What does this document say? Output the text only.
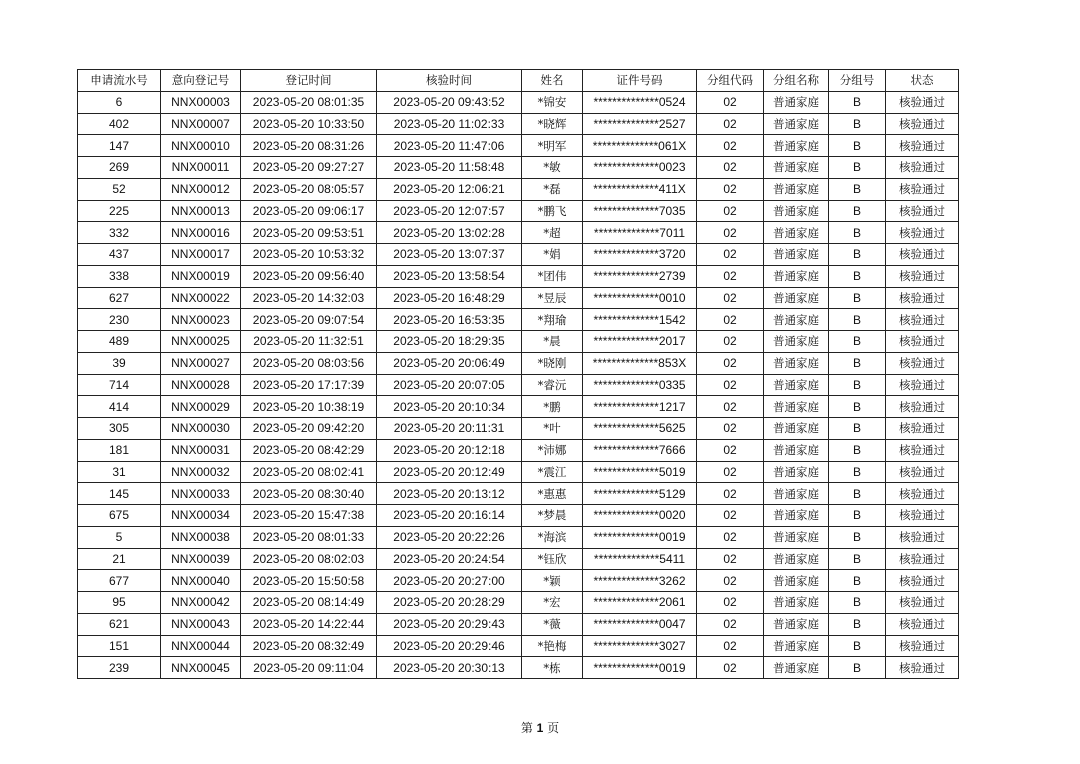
申请流水号	意向登记号	登记时间	核验时间	姓名	证件号码	分组代码	分组名称	分组号	状态
6	NNX00003	2023-05-20 08:01:35	2023-05-20 09:43:52	*锦安	**************0524	02	普通家庭	B	核验通过
402	NNX00007	2023-05-20 10:33:50	2023-05-20 11:02:33	*晓辉	**************2527	02	普通家庭	B	核验通过
147	NNX00010	2023-05-20 08:31:26	2023-05-20 11:47:06	*明军	**************061X	02	普通家庭	B	核验通过
269	NNX00011	2023-05-20 09:27:27	2023-05-20 11:58:48	*敏	**************0023	02	普通家庭	B	核验通过
52	NNX00012	2023-05-20 08:05:57	2023-05-20 12:06:21	*磊	**************411X	02	普通家庭	B	核验通过
225	NNX00013	2023-05-20 09:06:17	2023-05-20 12:07:57	*鹏飞	**************7035	02	普通家庭	B	核验通过
332	NNX00016	2023-05-20 09:53:51	2023-05-20 13:02:28	*超	**************7011	02	普通家庭	B	核验通过
437	NNX00017	2023-05-20 10:53:32	2023-05-20 13:07:37	*娟	**************3720	02	普通家庭	B	核验通过
338	NNX00019	2023-05-20 09:56:40	2023-05-20 13:58:54	*团伟	**************2739	02	普通家庭	B	核验通过
627	NNX00022	2023-05-20 14:32:03	2023-05-20 16:48:29	*昱辰	**************0010	02	普通家庭	B	核验通过
230	NNX00023	2023-05-20 09:07:54	2023-05-20 16:53:35	*翔瑜	**************1542	02	普通家庭	B	核验通过
489	NNX00025	2023-05-20 11:32:51	2023-05-20 18:29:35	*晨	**************2017	02	普通家庭	B	核验通过
39	NNX00027	2023-05-20 08:03:56	2023-05-20 20:06:49	*晓刚	**************853X	02	普通家庭	B	核验通过
714	NNX00028	2023-05-20 17:17:39	2023-05-20 20:07:05	*睿沅	**************0335	02	普通家庭	B	核验通过
414	NNX00029	2023-05-20 10:38:19	2023-05-20 20:10:34	*鹏	**************1217	02	普通家庭	B	核验通过
305	NNX00030	2023-05-20 09:42:20	2023-05-20 20:11:31	*叶	**************5625	02	普通家庭	B	核验通过
181	NNX00031	2023-05-20 08:42:29	2023-05-20 20:12:18	*沛娜	**************7666	02	普通家庭	B	核验通过
31	NNX00032	2023-05-20 08:02:41	2023-05-20 20:12:49	*震江	**************5019	02	普通家庭	B	核验通过
145	NNX00033	2023-05-20 08:30:40	2023-05-20 20:13:12	*惠惠	**************5129	02	普通家庭	B	核验通过
675	NNX00034	2023-05-20 15:47:38	2023-05-20 20:16:14	*梦晨	**************0020	02	普通家庭	B	核验通过
5	NNX00038	2023-05-20 08:01:33	2023-05-20 20:22:26	*海滨	**************0019	02	普通家庭	B	核验通过
21	NNX00039	2023-05-20 08:02:03	2023-05-20 20:24:54	*钰欣	**************5411	02	普通家庭	B	核验通过
677	NNX00040	2023-05-20 15:50:58	2023-05-20 20:27:00	*颖	**************3262	02	普通家庭	B	核验通过
95	NNX00042	2023-05-20 08:14:49	2023-05-20 20:28:29	*宏	**************2061	02	普通家庭	B	核验通过
621	NNX00043	2023-05-20 14:22:44	2023-05-20 20:29:43	*薇	**************0047	02	普通家庭	B	核验通过
151	NNX00044	2023-05-20 08:32:49	2023-05-20 20:29:46	*艳梅	**************3027	02	普通家庭	B	核验通过
239	NNX00045	2023-05-20 09:11:04	2023-05-20 20:30:13	*栋	**************0019	02	普通家庭	B	核验通过
第 1 页
